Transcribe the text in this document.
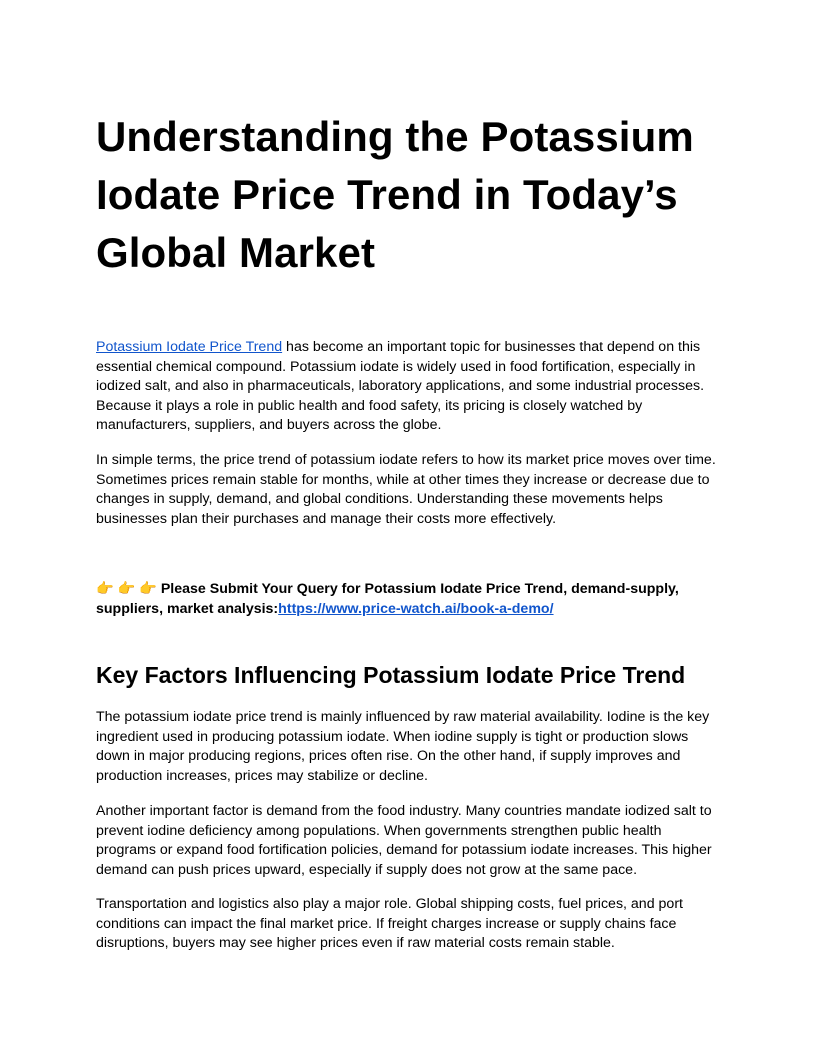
Understanding the Potassium Iodate Price Trend in Today’s Global Market

Potassium Iodate Price Trend has become an important topic for businesses that depend on this essential chemical compound. Potassium iodate is widely used in food fortification, especially in iodized salt, and also in pharmaceuticals, laboratory applications, and some industrial processes. Because it plays a role in public health and food safety, its pricing is closely watched by manufacturers, suppliers, and buyers across the globe.

In simple terms, the price trend of potassium iodate refers to how its market price moves over time. Sometimes prices remain stable for months, while at other times they increase or decrease due to changes in supply, demand, and global conditions. Understanding these movements helps businesses plan their purchases and manage their costs more effectively.

👉 👉 👉 Please Submit Your Query for Potassium Iodate Price Trend, demand-supply, suppliers, market analysis:https://www.price-watch.ai/book-a-demo/

Key Factors Influencing Potassium Iodate Price Trend

The potassium iodate price trend is mainly influenced by raw material availability. Iodine is the key ingredient used in producing potassium iodate. When iodine supply is tight or production slows down in major producing regions, prices often rise. On the other hand, if supply improves and production increases, prices may stabilize or decline.

Another important factor is demand from the food industry. Many countries mandate iodized salt to prevent iodine deficiency among populations. When governments strengthen public health programs or expand food fortification policies, demand for potassium iodate increases. This higher demand can push prices upward, especially if supply does not grow at the same pace.

Transportation and logistics also play a major role. Global shipping costs, fuel prices, and port conditions can impact the final market price. If freight charges increase or supply chains face disruptions, buyers may see higher prices even if raw material costs remain stable.
